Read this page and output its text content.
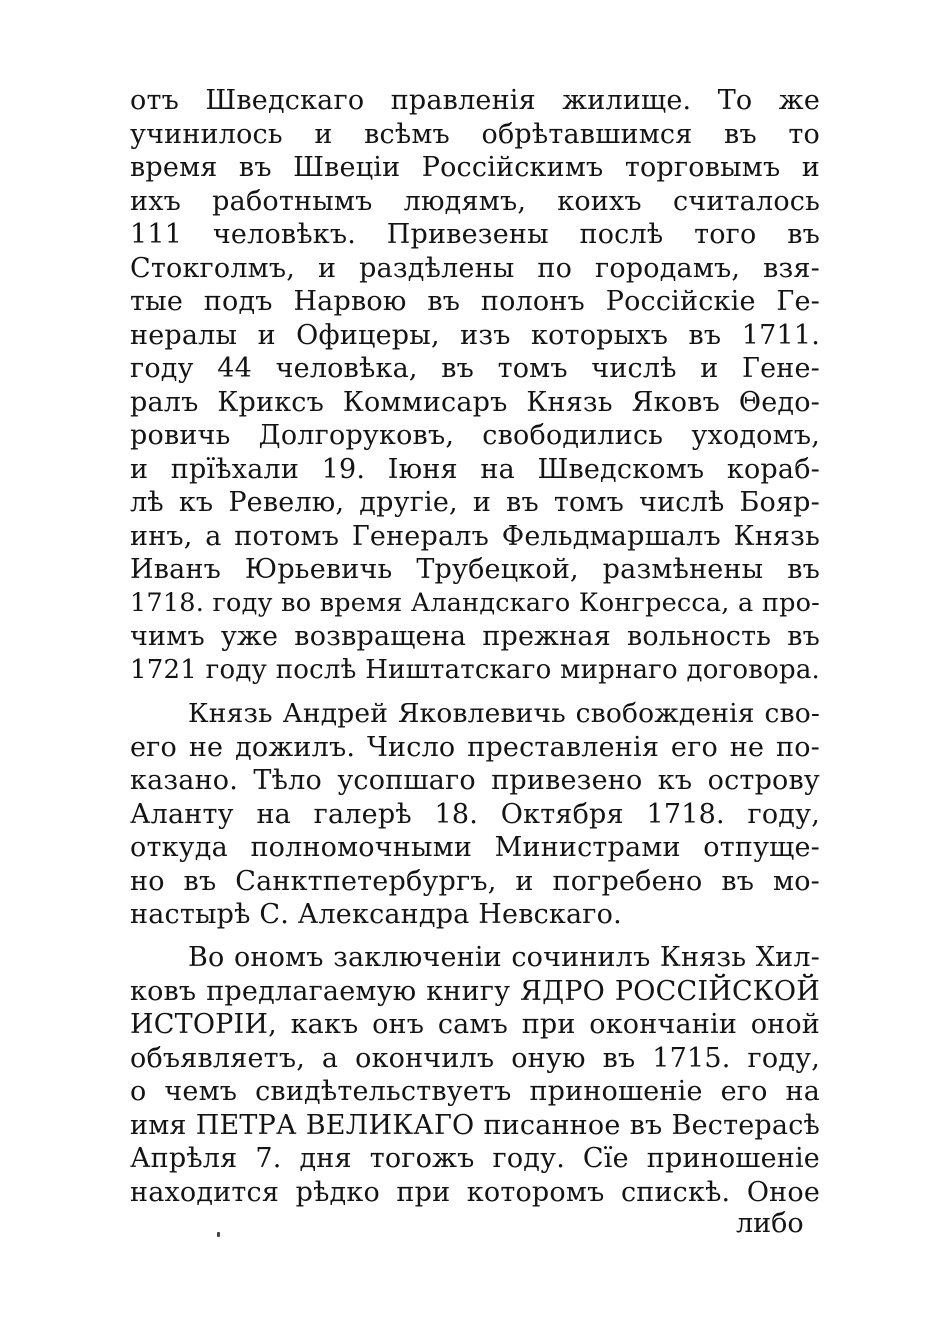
отъ Шведскаго правленія жилище. То же
учинилось и всѣмъ обрѣтавшимся въ то
время въ Швеціи Россійскимъ торговымъ и
ихъ работнымъ людямъ, коихъ считалось
111 человѣкъ. Привезены послѣ того въ
Стокголмъ, и раздѣлены по городамъ, взя-
тые подъ Нарвою въ полонъ Россійскіе Ге-
нералы и Офицеры, изъ которыхъ въ 1711.
году 44 человѣка, въ томъ числѣ и Гене-
ралъ Криксъ Коммисаръ Князь Яковъ Θедо-
ровичь Долгоруковъ, свободились уходомъ,
и прїѣхали 19. Іюня на Шведскомъ кораб-
лѣ къ Ревелю, другіе, и въ томъ числѣ Бояр-
инъ, а потомъ Генералъ Фельдмаршалъ Князь
Иванъ Юрьевичь Трубецкой, размѣнены въ
1718. году во время Аландскаго Конгресса, а про-
чимъ уже возвращена прежная вольность въ
1721 году послѣ Ништатскаго мирнаго договора.
Князь Андрей Яковлевичь свобожденія сво-
его не дожилъ. Число преставленія его не по-
казано. Тѣло усопшаго привезено къ острову
Аланту на галерѣ 18. Октября 1718. году,
откуда полномочными Министрами отпуще-
но въ Санктпетербургъ, и погребено въ мо-
настырѣ С. Александра Невскаго.
Во ономъ заключеніи сочинилъ Князь Хил-
ковъ предлагаемую книгу ЯДРО РОССІЙСКОЙ
ИСТОРІИ, какъ онъ самъ при окончаніи оной
объявляетъ, а окончилъ оную въ 1715. году,
о чемъ свидѣтельствуетъ приношеніе его на
имя ПЕТРА ВЕЛИКАГО писанное въ Вестерасѣ
Апрѣля 7. дня тогожъ году. Сїе приношеніе
находится рѣдко при которомъ спискѣ. Оное
либо
